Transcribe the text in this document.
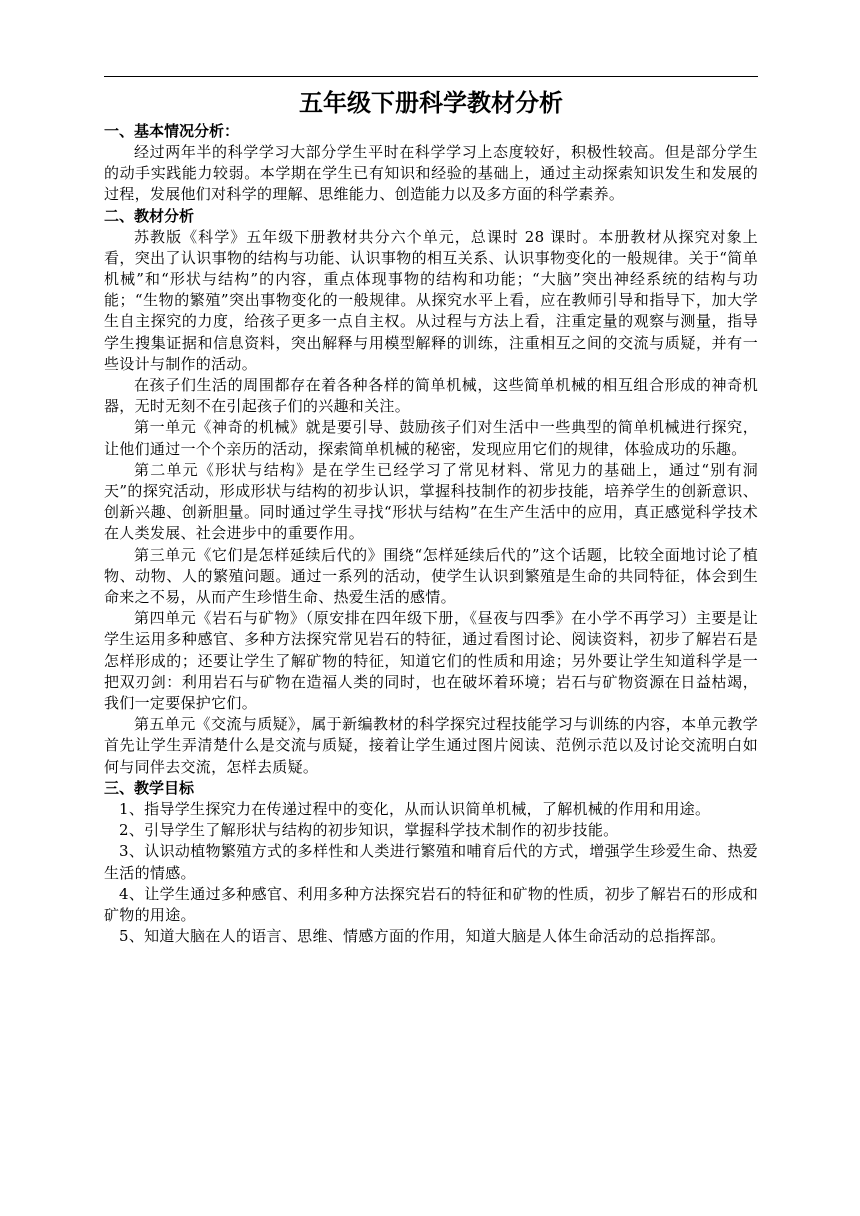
五年级下册科学教材分析

一、基本情况分析：

经过两年半的科学学习大部分学生平时在科学学习上态度较好，积极性较高。但是部分学生的动手实践能力较弱。本学期在学生已有知识和经验的基础上，通过主动探索知识发生和发展的过程，发展他们对科学的理解、思维能力、创造能力以及多方面的科学素养。

二、教材分析

苏教版《科学》五年级下册教材共分六个单元，总课时 28 课时。本册教材从探究对象上看，突出了认识事物的结构与功能、认识事物的相互关系、认识事物变化的一般规律。关于“简单机械”和“形状与结构”的内容，重点体现事物的结构和功能；“大脑”突出神经系统的结构与功能；“生物的繁殖”突出事物变化的一般规律。从探究水平上看，应在教师引导和指导下，加大学生自主探究的力度，给孩子更多一点自主权。从过程与方法上看，注重定量的观察与测量，指导学生搜集证据和信息资料，突出解释与用模型解释的训练，注重相互之间的交流与质疑，并有一些设计与制作的活动。

在孩子们生活的周围都存在着各种各样的简单机械，这些简单机械的相互组合形成的神奇机器，无时无刻不在引起孩子们的兴趣和关注。

第一单元《神奇的机械》就是要引导、鼓励孩子们对生活中一些典型的简单机械进行探究，让他们通过一个个亲历的活动，探索简单机械的秘密，发现应用它们的规律，体验成功的乐趣。

第二单元《形状与结构》是在学生已经学习了常见材料、常见力的基础上，通过“别有洞天”的探究活动，形成形状与结构的初步认识，掌握科技制作的初步技能，培养学生的创新意识、创新兴趣、创新胆量。同时通过学生寻找“形状与结构”在生产生活中的应用，真正感觉科学技术在人类发展、社会进步中的重要作用。

第三单元《它们是怎样延续后代的》围绕“怎样延续后代的”这个话题，比较全面地讨论了植物、动物、人的繁殖问题。通过一系列的活动，使学生认识到繁殖是生命的共同特征，体会到生命来之不易，从而产生珍惜生命、热爱生活的感情。

第四单元《岩石与矿物》（原安排在四年级下册，《昼夜与四季》在小学不再学习）主要是让学生运用多种感官、多种方法探究常见岩石的特征，通过看图讨论、阅读资料，初步了解岩石是怎样形成的；还要让学生了解矿物的特征，知道它们的性质和用途；另外要让学生知道科学是一把双刃剑：利用岩石与矿物在造福人类的同时，也在破坏着环境；岩石与矿物资源在日益枯竭，我们一定要保护它们。

第五单元《交流与质疑》，属于新编教材的科学探究过程技能学习与训练的内容，本单元教学首先让学生弄清楚什么是交流与质疑，接着让学生通过图片阅读、范例示范以及讨论交流明白如何与同伴去交流，怎样去质疑。

三、教学目标

1、指导学生探究力在传递过程中的变化，从而认识简单机械，了解机械的作用和用途。

2、引导学生了解形状与结构的初步知识，掌握科学技术制作的初步技能。

3、认识动植物繁殖方式的多样性和人类进行繁殖和哺育后代的方式，增强学生珍爱生命、热爱生活的情感。

4、让学生通过多种感官、利用多种方法探究岩石的特征和矿物的性质，初步了解岩石的形成和矿物的用途。

5、知道大脑在人的语言、思维、情感方面的作用，知道大脑是人体生命活动的总指挥部。
